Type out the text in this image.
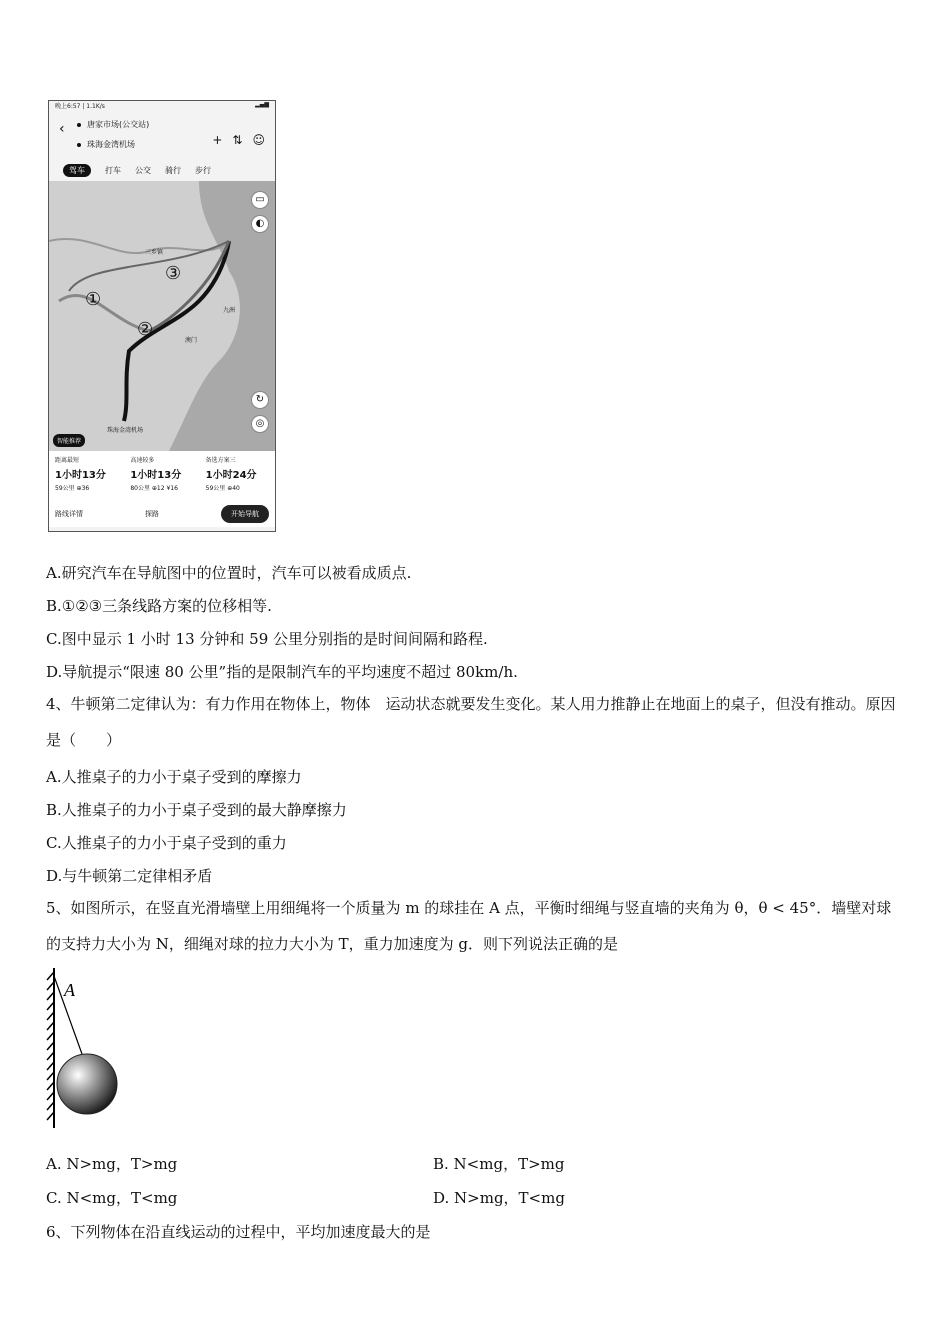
晚上6:57 | 1.1K/s	▂▄▆
‹	唐家市场(公交站)
珠海金湾机场	+ ⇅ ☺
驾车	打车 公交 骑行 步行
①
②
③
三乡镇
澳门
九洲
珠海金湾机场
▭
◐
↻
◎
智能推荐
距离最短
1小时13分
59公里 ⊕36
高速较多
1小时13分
80公里 ⊕12 ¥16
备选方案三
1小时24分
59公里 ⊕40
路线详情	探路	开始导航
A.研究汽车在导航图中的位置时，汽车可以被看成质点.
B.①②③三条线路方案的位移相等.
C.图中显示 1 小时 13 分钟和 59 公里分别指的是时间间隔和路程.
D.导航提示“限速 80 公里”指的是限制汽车的平均速度不超过 80km/h.
4、牛顿第二定律认为：有力作用在物体上，物体　运动状态就要发生变化。某人用力推静止在地面上的桌子，但没有推动。原因是（　　）
A.人推桌子的力小于桌子受到的摩擦力
B.人推桌子的力小于桌子受到的最大静摩擦力
C.人推桌子的力小于桌子受到的重力
D.与牛顿第二定律相矛盾
5、如图所示，在竖直光滑墙壁上用细绳将一个质量为 m 的球挂在 A 点，平衡时细绳与竖直墙的夹角为 θ，θ < 45°．墙壁对球的支持力大小为 N，细绳对球的拉力大小为 T，重力加速度为 g．则下列说法正确的是
A
A. N>mg，T>mg	B. N<mg，T>mg
C. N<mg，T<mg	D. N>mg，T<mg
6、下列物体在沿直线运动的过程中，平均加速度最大的是
